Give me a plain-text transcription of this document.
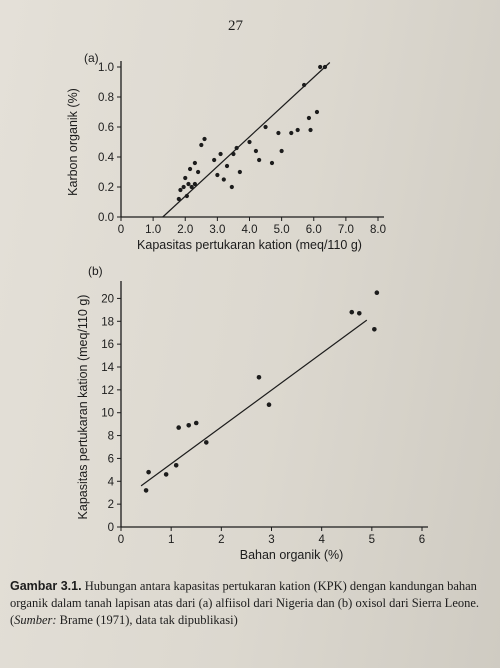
27
0 1.0 2.0 3.0 4.0 5.0 6.0 7.0 8.0
0.0
0.2
0.4
0.6
0.8
1.0
Kapasitas pertukaran kation (meq/110 g)
Karbon organik (%)
(a)
0	1	2	3	4	5	6
0
2
4
6
8
10
12
14
16
18
20
Bahan organik (%)
Kapasitas pertukaran kation (meq/110 g)
(b)
Gambar 3.1. Hubungan antara kapasitas pertukaran kation (KPK) dengan kandungan bahan organik dalam tanah lapisan atas dari (a) alfiisol dari Nigeria dan (b) oxisol dari Sierra Leone.
(Sumber: Brame (1971), data tak dipublikasi)
